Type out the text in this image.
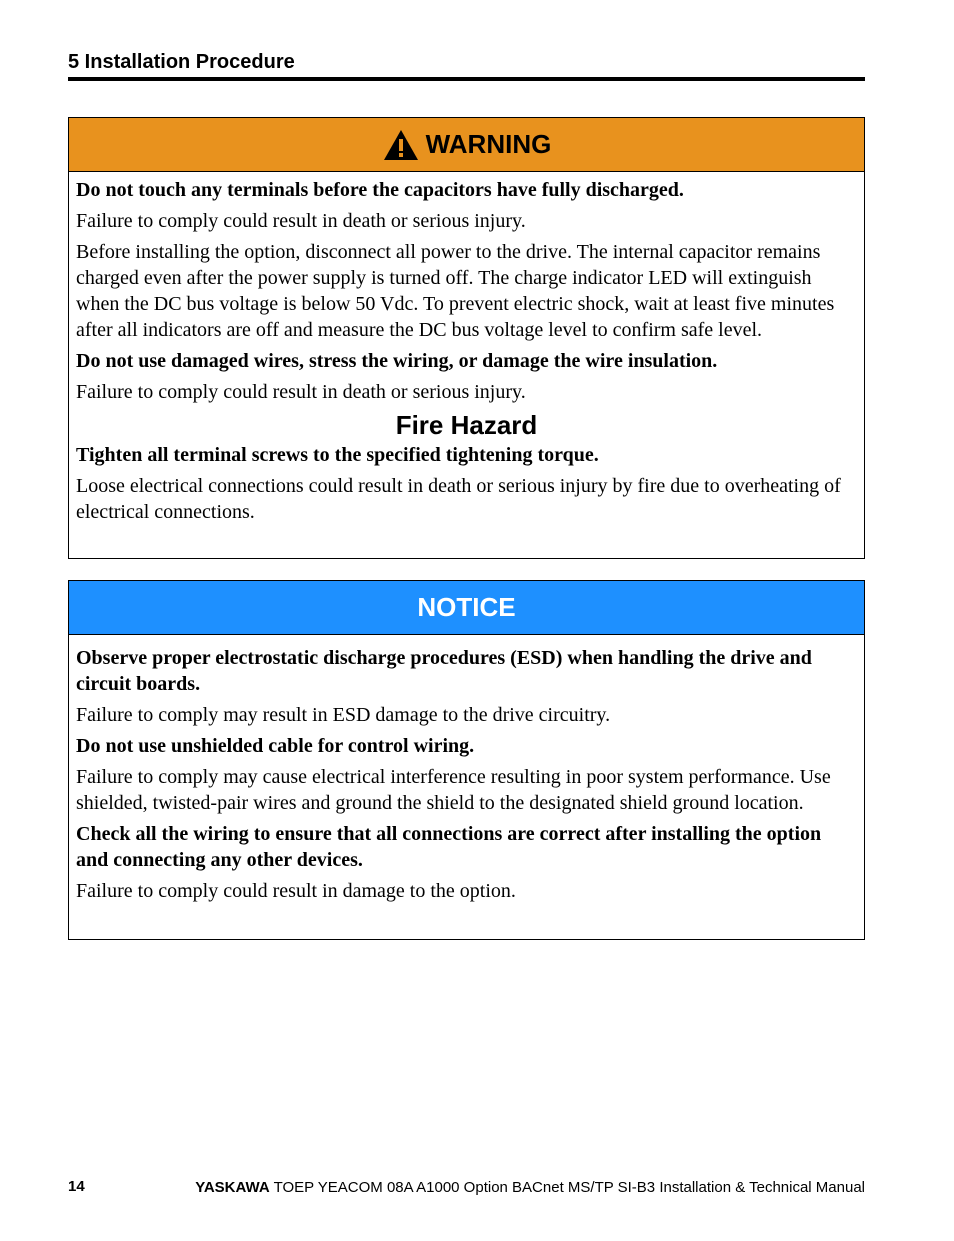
5 Installation Procedure
WARNING

Do not touch any terminals before the capacitors have fully discharged.

Failure to comply could result in death or serious injury.

Before installing the option, disconnect all power to the drive. The internal capacitor remains charged even after the power supply is turned off. The charge indicator LED will extinguish when the DC bus voltage is below 50 Vdc. To prevent electric shock, wait at least five minutes after all indicators are off and measure the DC bus voltage level to confirm safe level.

Do not use damaged wires, stress the wiring, or damage the wire insulation.

Failure to comply could result in death or serious injury.

Fire Hazard

Tighten all terminal screws to the specified tightening torque.

Loose electrical connections could result in death or serious injury by fire due to overheating of electrical connections.

NOTICE

Observe proper electrostatic discharge procedures (ESD) when handling the drive and circuit boards.

Failure to comply may result in ESD damage to the drive circuitry.

Do not use unshielded cable for control wiring.

Failure to comply may cause electrical interference resulting in poor system performance. Use shielded, twisted-pair wires and ground the shield to the designated shield ground location.

Check all the wiring to ensure that all connections are correct after installing the option and connecting any other devices.

Failure to comply could result in damage to the option.

14	YASKAWA TOEP YEACOM 08A A1000 Option BACnet MS/TP SI-B3 Installation & Technical Manual
